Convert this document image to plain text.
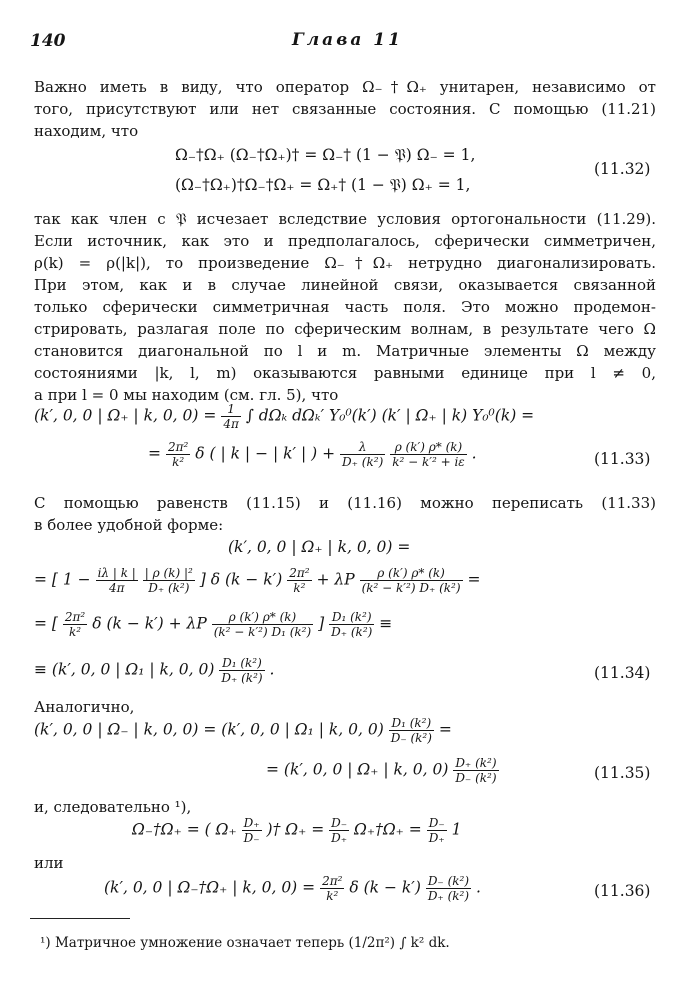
140	Глава 11
Важно иметь в виду, что оператор Ω₋†Ω₊ унитарен, независимо от
того, присутствуют или нет связанные состояния. С помощью (11.21)
находим, что
Ω₋†Ω₊ (Ω₋†Ω₊)† = Ω₋† (1 − 𝔓) Ω₋ = 1,
(Ω₋†Ω₊)†Ω₋†Ω₊ = Ω₊† (1 − 𝔓) Ω₊ = 1,
(11.32)
так как член с 𝔓 исчезает вследствие условия ортогональности (11.29).
Если источник, как это и предполагалось, сферически симметричен,
ρ(k) = ρ(|k|), то произведение Ω₋†Ω₊ нетрудно диагонализировать.
При этом, как и в случае линейной связи, оказывается связанной
только сферически симметричная часть поля. Это можно продемон-
стрировать, разлагая поле по сферическим волнам, в результате чего Ω
становится диагональной по l и m. Матричные элементы Ω между
состояниями |k, l, m) оказываются равными единице при l ≠ 0,
а при l = 0 мы находим (см. гл. 5), что
(k′, 0, 0 | Ω₊ | k, 0, $0) = \frac{1}{4\pi}$ ∫ dΩₖ dΩₖ′ Y₀⁰(k′) (k′ | Ω₊ | k) Y₀⁰(k) =
= $\frac{\text{2π²}}{\text{k²}}$ δ ( | k | − | k′ | ) + $\frac{\lambda}{\text{D₊ (k²)}}$
$\frac{\rho (k') \rho* (k)}{\text{k² − k′² + iε}}$ .	(11.33)
С помощью равенств (11.15) и (11.16) можно переписать (11.33)
в более удобной форме:
(k′, 0, 0 | Ω₊ | k, 0, 0) =
= [ $1 - \frac{i\lambda | k |}{4\pi}$
$\frac{\text{| ρ (k) |²}}{\text{D₊ (k²)}}$ ] δ $(k - k') \frac{\text{2π²}}{\text{k²}} + \lambda P \frac{\rho (k') \rho* (k)}{\text{(k² − k′²) D₊ (k²)}}$ =
= [ $\frac{\text{2π²}}{\text{k²}}$ δ (k − k′) + λP $\frac{\rho (k') \rho* (k)}{\text{(k² − k′²) D₁ (k²)}}$ ] $\frac{\text{D₁ (k²)}}{\text{D₊ (k²)}}$ ≡
≡ (k′, 0, 0 | Ω₁ | k, 0, $0) \frac{\text{D₁ (k²)}}{\text{D₊ (k²)}}$ .	(11.34)
Аналогично,
(k′, 0, 0 | Ω₋ | k, 0, 0) = (k′, 0, 0 | Ω₁ | k, 0, $0) \frac{\text{D₁ (k²)}}{\text{D₋ (k²)}}$ =
= (k′, 0, 0 | Ω₊ | k, 0, $0) \frac{\text{D₊ (k²)}}{\text{D₋ (k²)}}$	(11.35)
и, следовательно ¹),
Ω₋†Ω₊ = ( $\Omega_+ \frac{D_+}{D_-}$ )† $\Omega_+ = \frac{D_-}{D_+}$ Ω₊†Ω₊ = $\frac{D_-}{D_+} 1$
или
(k′, 0, 0 | Ω₋†Ω₊ | k, 0, $0) = \frac{\text{2π²}}{\text{k²}}$ δ $(k - k') \frac{\text{D₋ (k²)}}{\text{D₊ (k²)}}$ .	(11.36)
¹) Матричное умножение означает теперь (1/2π²) ∫ k² dk.
